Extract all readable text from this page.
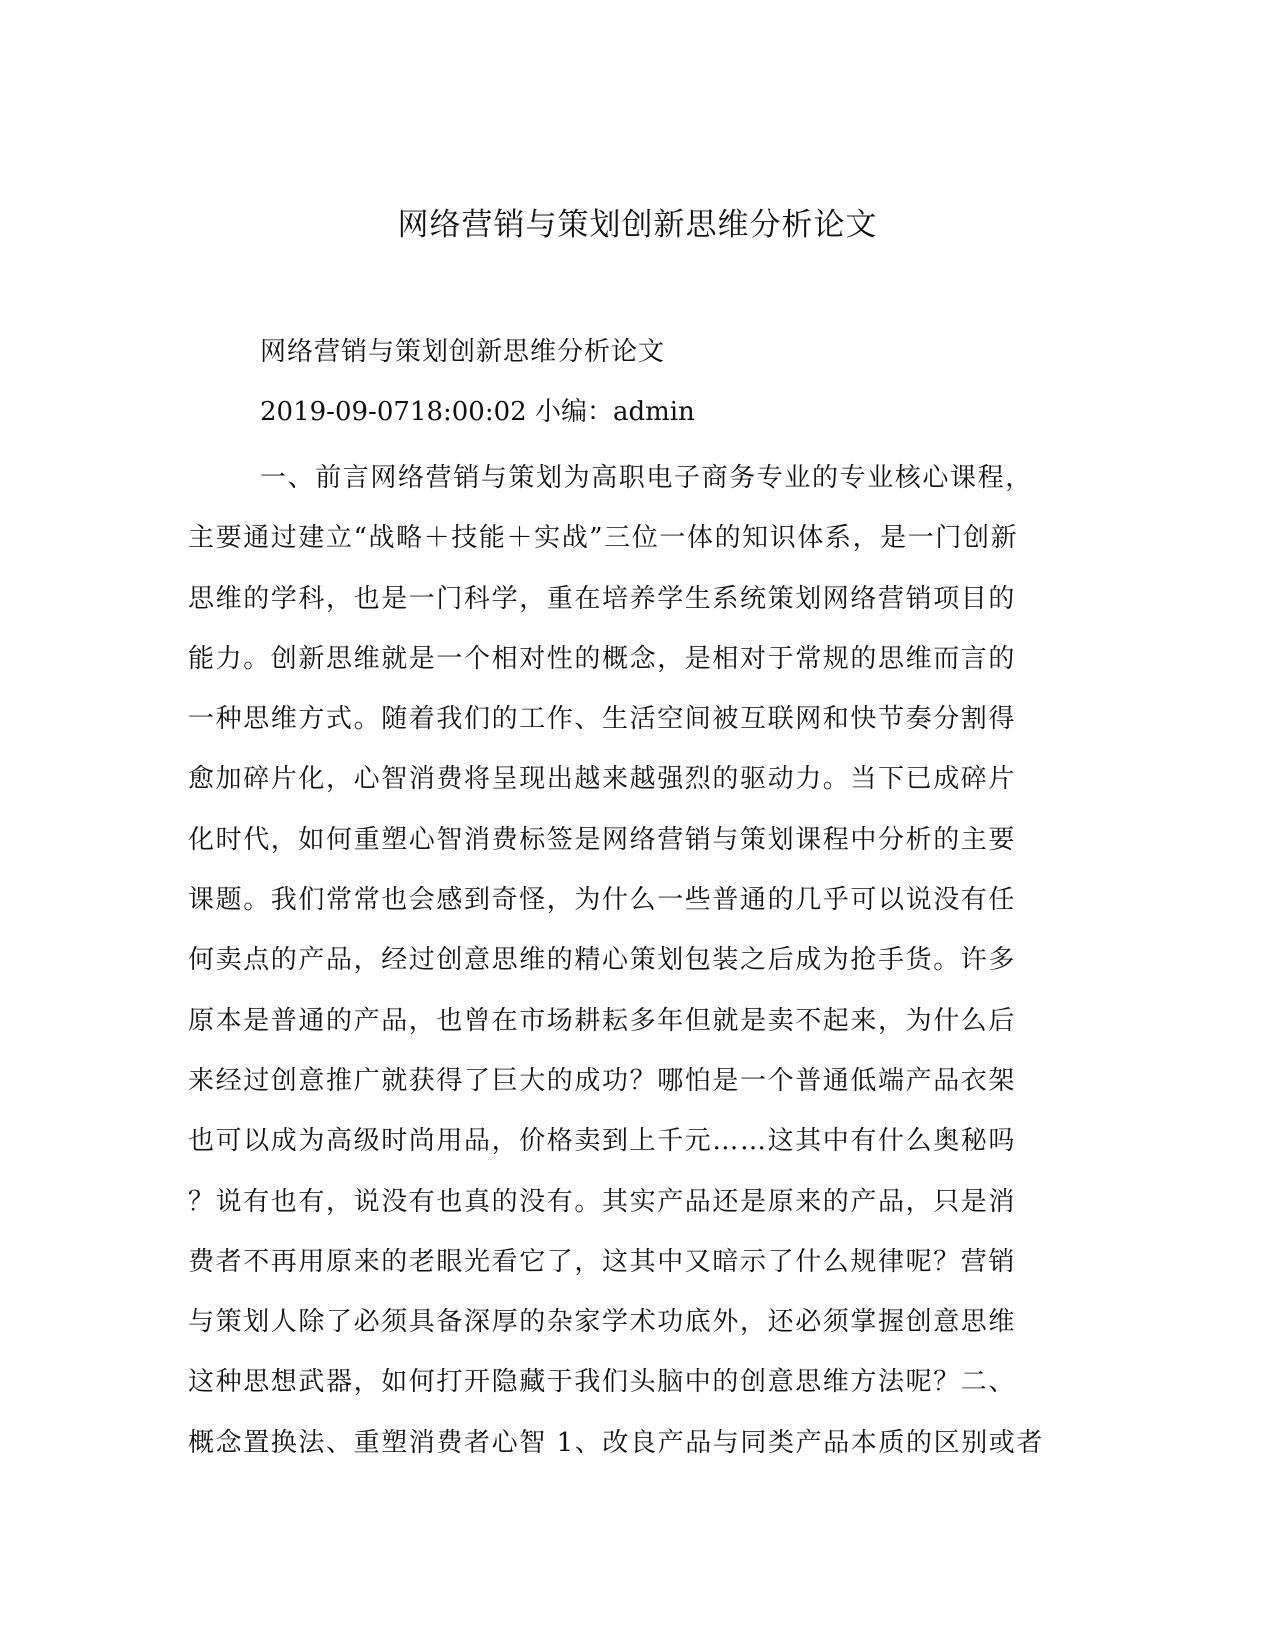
网络营销与策划创新思维分析论文

网络营销与策划创新思维分析论文

2019-09-0718:00:02 小编：admin

一、前言网络营销与策划为高职电子商务专业的专业核心课程，
主要通过建立“战略＋技能＋实战”三位一体的知识体系，是一门创新
思维的学科，也是一门科学，重在培养学生系统策划网络营销项目的
能力。创新思维就是一个相对性的概念，是相对于常规的思维而言的
一种思维方式。随着我们的工作、生活空间被互联网和快节奏分割得
愈加碎片化，心智消费将呈现出越来越强烈的驱动力。当下已成碎片
化时代，如何重塑心智消费标签是网络营销与策划课程中分析的主要
课题。我们常常也会感到奇怪，为什么一些普通的几乎可以说没有任
何卖点的产品，经过创意思维的精心策划包装之后成为抢手货。许多
原本是普通的产品，也曾在市场耕耘多年但就是卖不起来，为什么后
来经过创意推广就获得了巨大的成功？哪怕是一个普通低端产品衣架
也可以成为高级时尚用品，价格卖到上千元……这其中有什么奥秘吗
？说有也有，说没有也真的没有。其实产品还是原来的产品，只是消
费者不再用原来的老眼光看它了，这其中又暗示了什么规律呢？营销
与策划人除了必须具备深厚的杂家学术功底外，还必须掌握创意思维
这种思想武器，如何打开隐藏于我们头脑中的创意思维方法呢？二、
概念置换法、重塑消费者心智 1、改良产品与同类产品本质的区别或者
